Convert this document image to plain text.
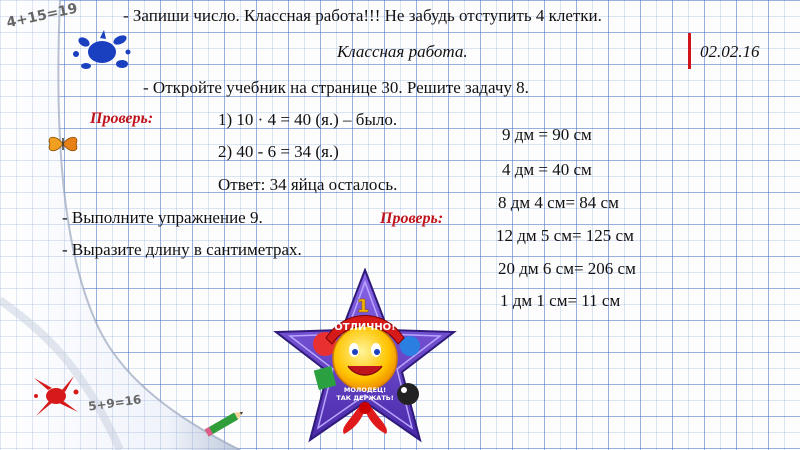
4+15=19
5+9=16
- Запиши число. Классная работа!!! Не забудь отступить 4 клетки.
Классная работа.	02.02.16
- Откройте учебник на странице 30. Решите задачу 8.
Проверь:	1) 10 · 4 = 40 (я.) – было.
2) 40 - 6 = 34 (я.)
Ответ: 34 яйца осталось.
- Выполните упражнение 9.
- Выразите длину в сантиметрах.
Проверь:
9 дм = 90 см
4 дм = 40 см
8 дм 4 см= 84 см
12 дм 5 см= 125 см
20 дм 6 см= 206 см
1 дм 1 см= 11 см
ОТЛИЧНО!
МОЛОДЕЦ!
ТАК ДЕРЖАТЬ!
1
